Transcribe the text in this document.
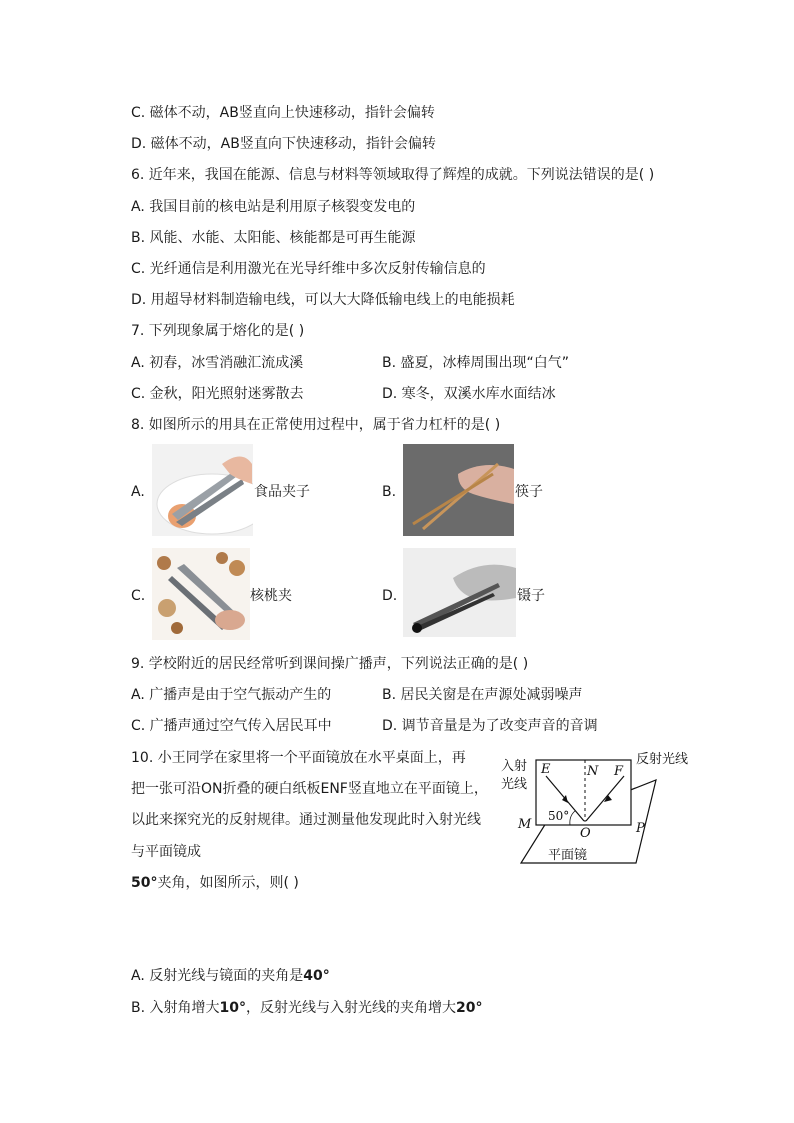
C. 磁体不动，AB竖直向上快速移动，指针会偏转
D. 磁体不动，AB竖直向下快速移动，指针会偏转
6. 近年来，我国在能源、信息与材料等领域取得了辉煌的成就。下列说法错误的是( )
A. 我国目前的核电站是利用原子核裂变发电的
B. 风能、水能、太阳能、核能都是可再生能源
C. 光纤通信是利用激光在光导纤维中多次反射传输信息的
D. 用超导材料制造输电线，可以大大降低输电线上的电能损耗
7. 下列现象属于熔化的是( )
A. 初春，冰雪消融汇流成溪	B. 盛夏，冰棒周围出现“白气”
C. 金秋，阳光照射迷雾散去	D. 寒冬，双溪水库水面结冰
8. 如图所示的用具在正常使用过程中，属于省力杠杆的是( )
A.	食品夹子	B.	筷子
C.	核桃夹	D.	镊子
9. 学校附近的居民经常听到课间操广播声，下列说法正确的是( )
A. 广播声是由于空气振动产生的	B. 居民关窗是在声源处减弱噪声
C. 广播声通过空气传入居民耳中	D. 调节音量是为了改变声音的音调
10. 小王同学在家里将一个平面镜放在水平桌面上，再
把一张可沿ON折叠的硬白纸板ENF竖直地立在平面镜上，
以此来探究光的反射规律。通过测量他发现此时入射光线
与平面镜成
50°夹角，如图所示，则( )
入射
光线
反射光线
E	N F
50°
M
O	P
平面镜
A. 反射光线与镜面的夹角是40°
B. 入射角增大10°，反射光线与入射光线的夹角增大20°
